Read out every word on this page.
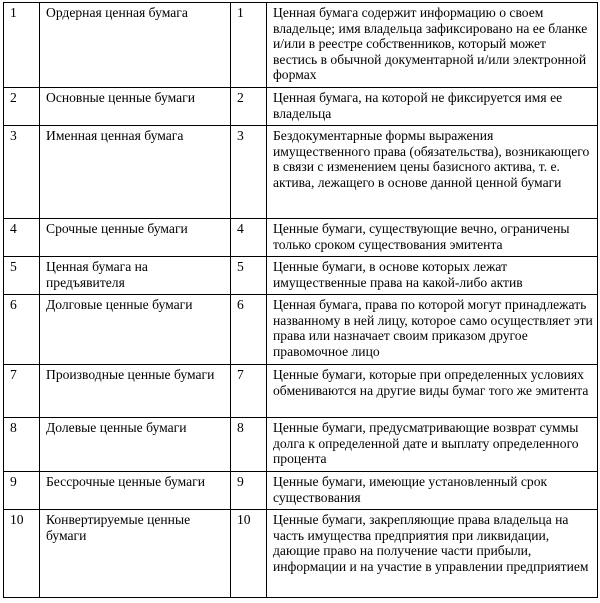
1	Ордерная ценная бумага	1	Ценная бумага содержит информацию о своем владельце; имя владельца зафиксировано на ее бланке и/или в реестре собственников, который может вестись в обычной документарной и/или электронной формах
2	Основные ценные бумаги	2	Ценная бумага, на которой не фиксируется имя ее владельца
3	Именная ценная бумага	3	Бездокументарные формы выражения имущественного права (обязательства), возникающего в связи с изменением цены базисного актива, т. е. актива, лежащего в основе данной ценной бумаги
4	Срочные ценные бумаги	4	Ценные бумаги, существующие вечно, ограничены только сроком существования эмитента
5	Ценная бумага на предъявителя	5	Ценные бумаги, в основе которых лежат имущественные права на какой-либо актив
6	Долговые ценные бумаги	6	Ценная бумага, права по которой могут принадлежать названному в ней лицу, которое само осуществляет эти права или назначает своим приказом другое правомочное лицо
7	Производные ценные бумаги	7	Ценные бумаги, которые при определенных условиях обмениваются на другие виды бумаг того же эмитента
8	Долевые ценные бумаги	8	Ценные бумаги, предусматривающие возврат суммы долга к определенной дате и выплату определенного процента
9	Бессрочные ценные бумаги	9	Ценные бумаги, имеющие установленный срок существования
10	Конвертируемые ценные бумаги	10	Ценные бумаги, закрепляющие права владельца на часть имущества предприятия при ликвидации, дающие право на получение части прибыли, информации и на участие в управлении предприятием
